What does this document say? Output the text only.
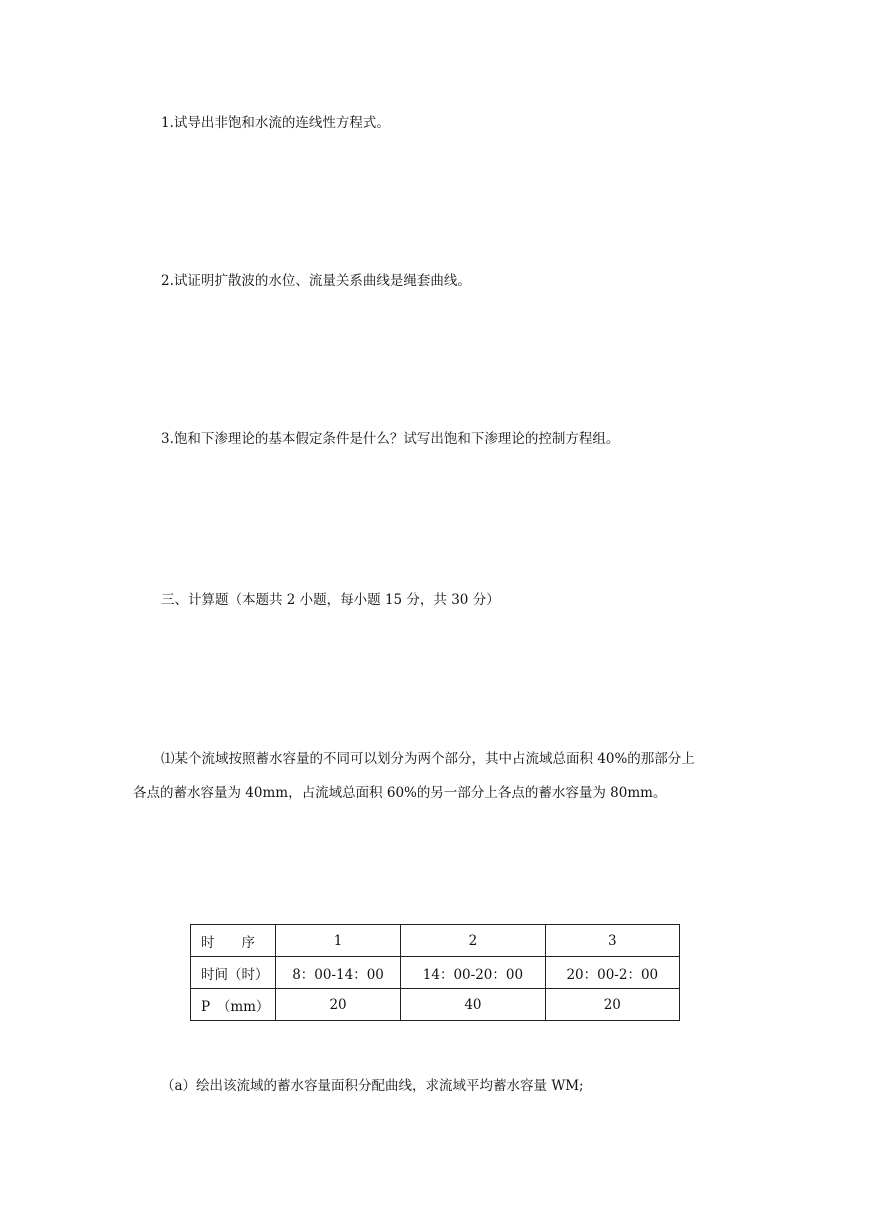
1.试导出非饱和水流的连线性方程式。
2.试证明扩散波的水位、流量关系曲线是绳套曲线。
3.饱和下渗理论的基本假定条件是什么？试写出饱和下渗理论的控制方程组。
三、计算题（本题共 2 小题，每小题 15 分，共 30 分）
⑴某个流域按照蓄水容量的不同可以划分为两个部分，其中占流域总面积 40%的那部分上
各点的蓄水容量为 40mm，占流域总面积 60%的另一部分上各点的蓄水容量为 80mm。
时　　序	1	2	3
时间（时）	8：00-14：00	14：00-20：00	20：00-2：00
P　（mm）	20	40	20
（a）绘出该流域的蓄水容量面积分配曲线，求流域平均蓄水容量 WM;
